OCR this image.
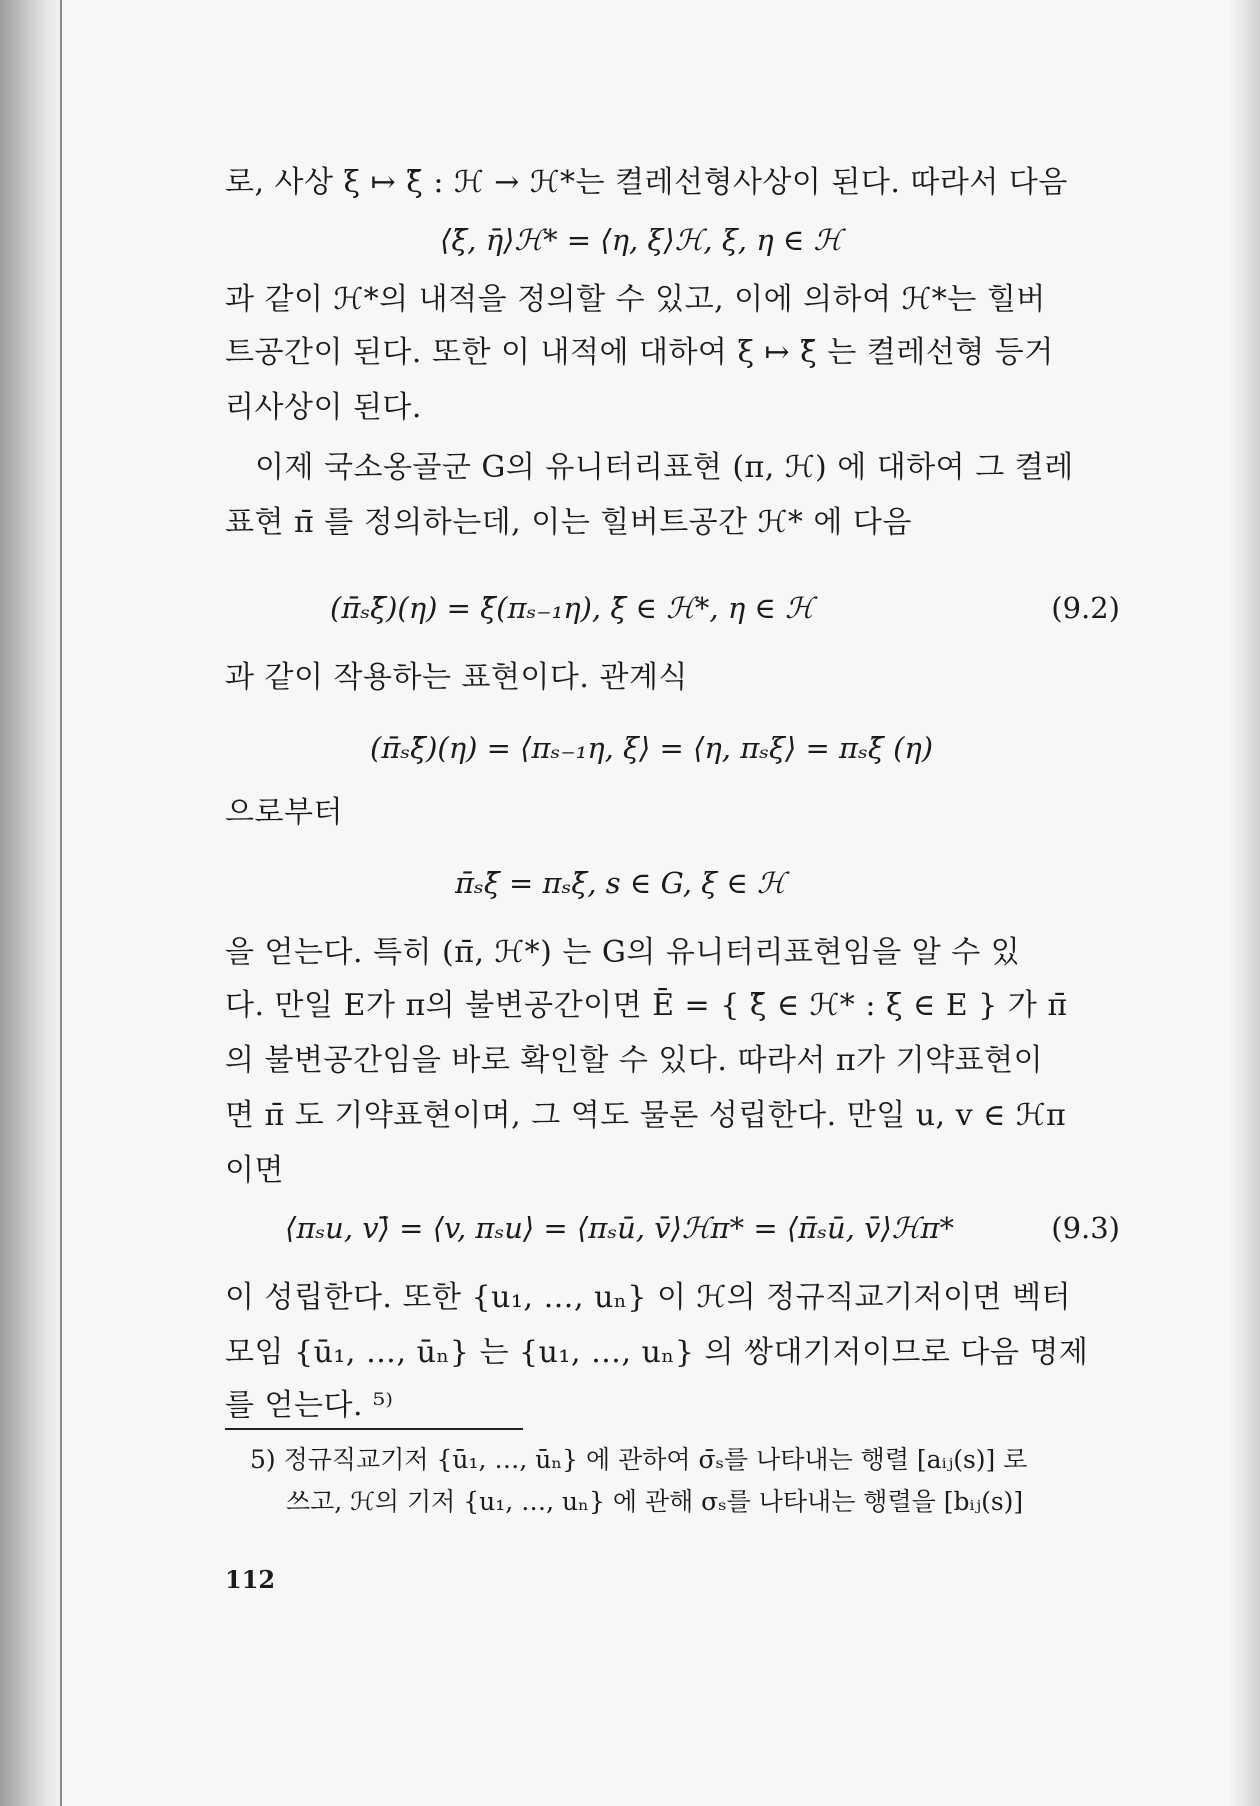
로, 사상 ξ ↦ ξ̄ : ℋ → ℋ*는 켤레선형사상이 된다. 따라서 다음
⟨ξ̄, η̄⟩ℋ* = ⟨η, ξ⟩ℋ, ξ, η ∈ ℋ
과 같이 ℋ*의 내적을 정의할 수 있고, 이에 의하여 ℋ*는 힐버
트공간이 된다. 또한 이 내적에 대하여 ξ ↦ ξ̄ 는 켤레선형 등거
리사상이 된다.
이제 국소옹골군 G의 유니터리표현 (π, ℋ) 에 대하여 그 켤레
표현 π̄ 를 정의하는데, 이는 힐버트공간 ℋ* 에 다음
(π̄ₛξ̄)(η) = ξ̄(πₛ₋₁η), ξ̄ ∈ ℋ*, η ∈ ℋ	(9.2)
과 같이 작용하는 표현이다. 관계식
(π̄ₛξ̄)(η) = ⟨πₛ₋₁η, ξ⟩ = ⟨η, πₛξ⟩ = πₛξ̄ (η)
으로부터
π̄ₛξ̄ = πₛξ̄, s ∈ G, ξ ∈ ℋ
을 얻는다. 특히 (π̄, ℋ*) 는 G의 유니터리표현임을 알 수 있
다. 만일 E가 π의 불변공간이면 Ē = { ξ̄ ∈ ℋ* : ξ ∈ E } 가 π̄
의 불변공간임을 바로 확인할 수 있다. 따라서 π가 기약표현이
면 π̄ 도 기약표현이며, 그 역도 물론 성립한다. 만일 u, v ∈ ℋπ
이면
⟨πₛu, v⟩̄ = ⟨v, πₛu⟩ = ⟨πₛū, v̄⟩ℋπ* = ⟨π̄ₛū, v̄⟩ℋπ*	(9.3)
이 성립한다. 또한 {u₁, …, uₙ} 이 ℋ의 정규직교기저이면 벡터
모임 {ū₁, …, ūₙ} 는 {u₁, …, uₙ} 의 쌍대기저이므로 다음 명제
를 얻는다. ⁵⁾
5) 정규직교기저 {ū₁, …, ūₙ} 에 관하여 σ̄ₛ를 나타내는 행렬 [aᵢⱼ(s)] 로
쓰고, ℋ의 기저 {u₁, …, uₙ} 에 관해 σₛ를 나타내는 행렬을 [bᵢⱼ(s)]
112
